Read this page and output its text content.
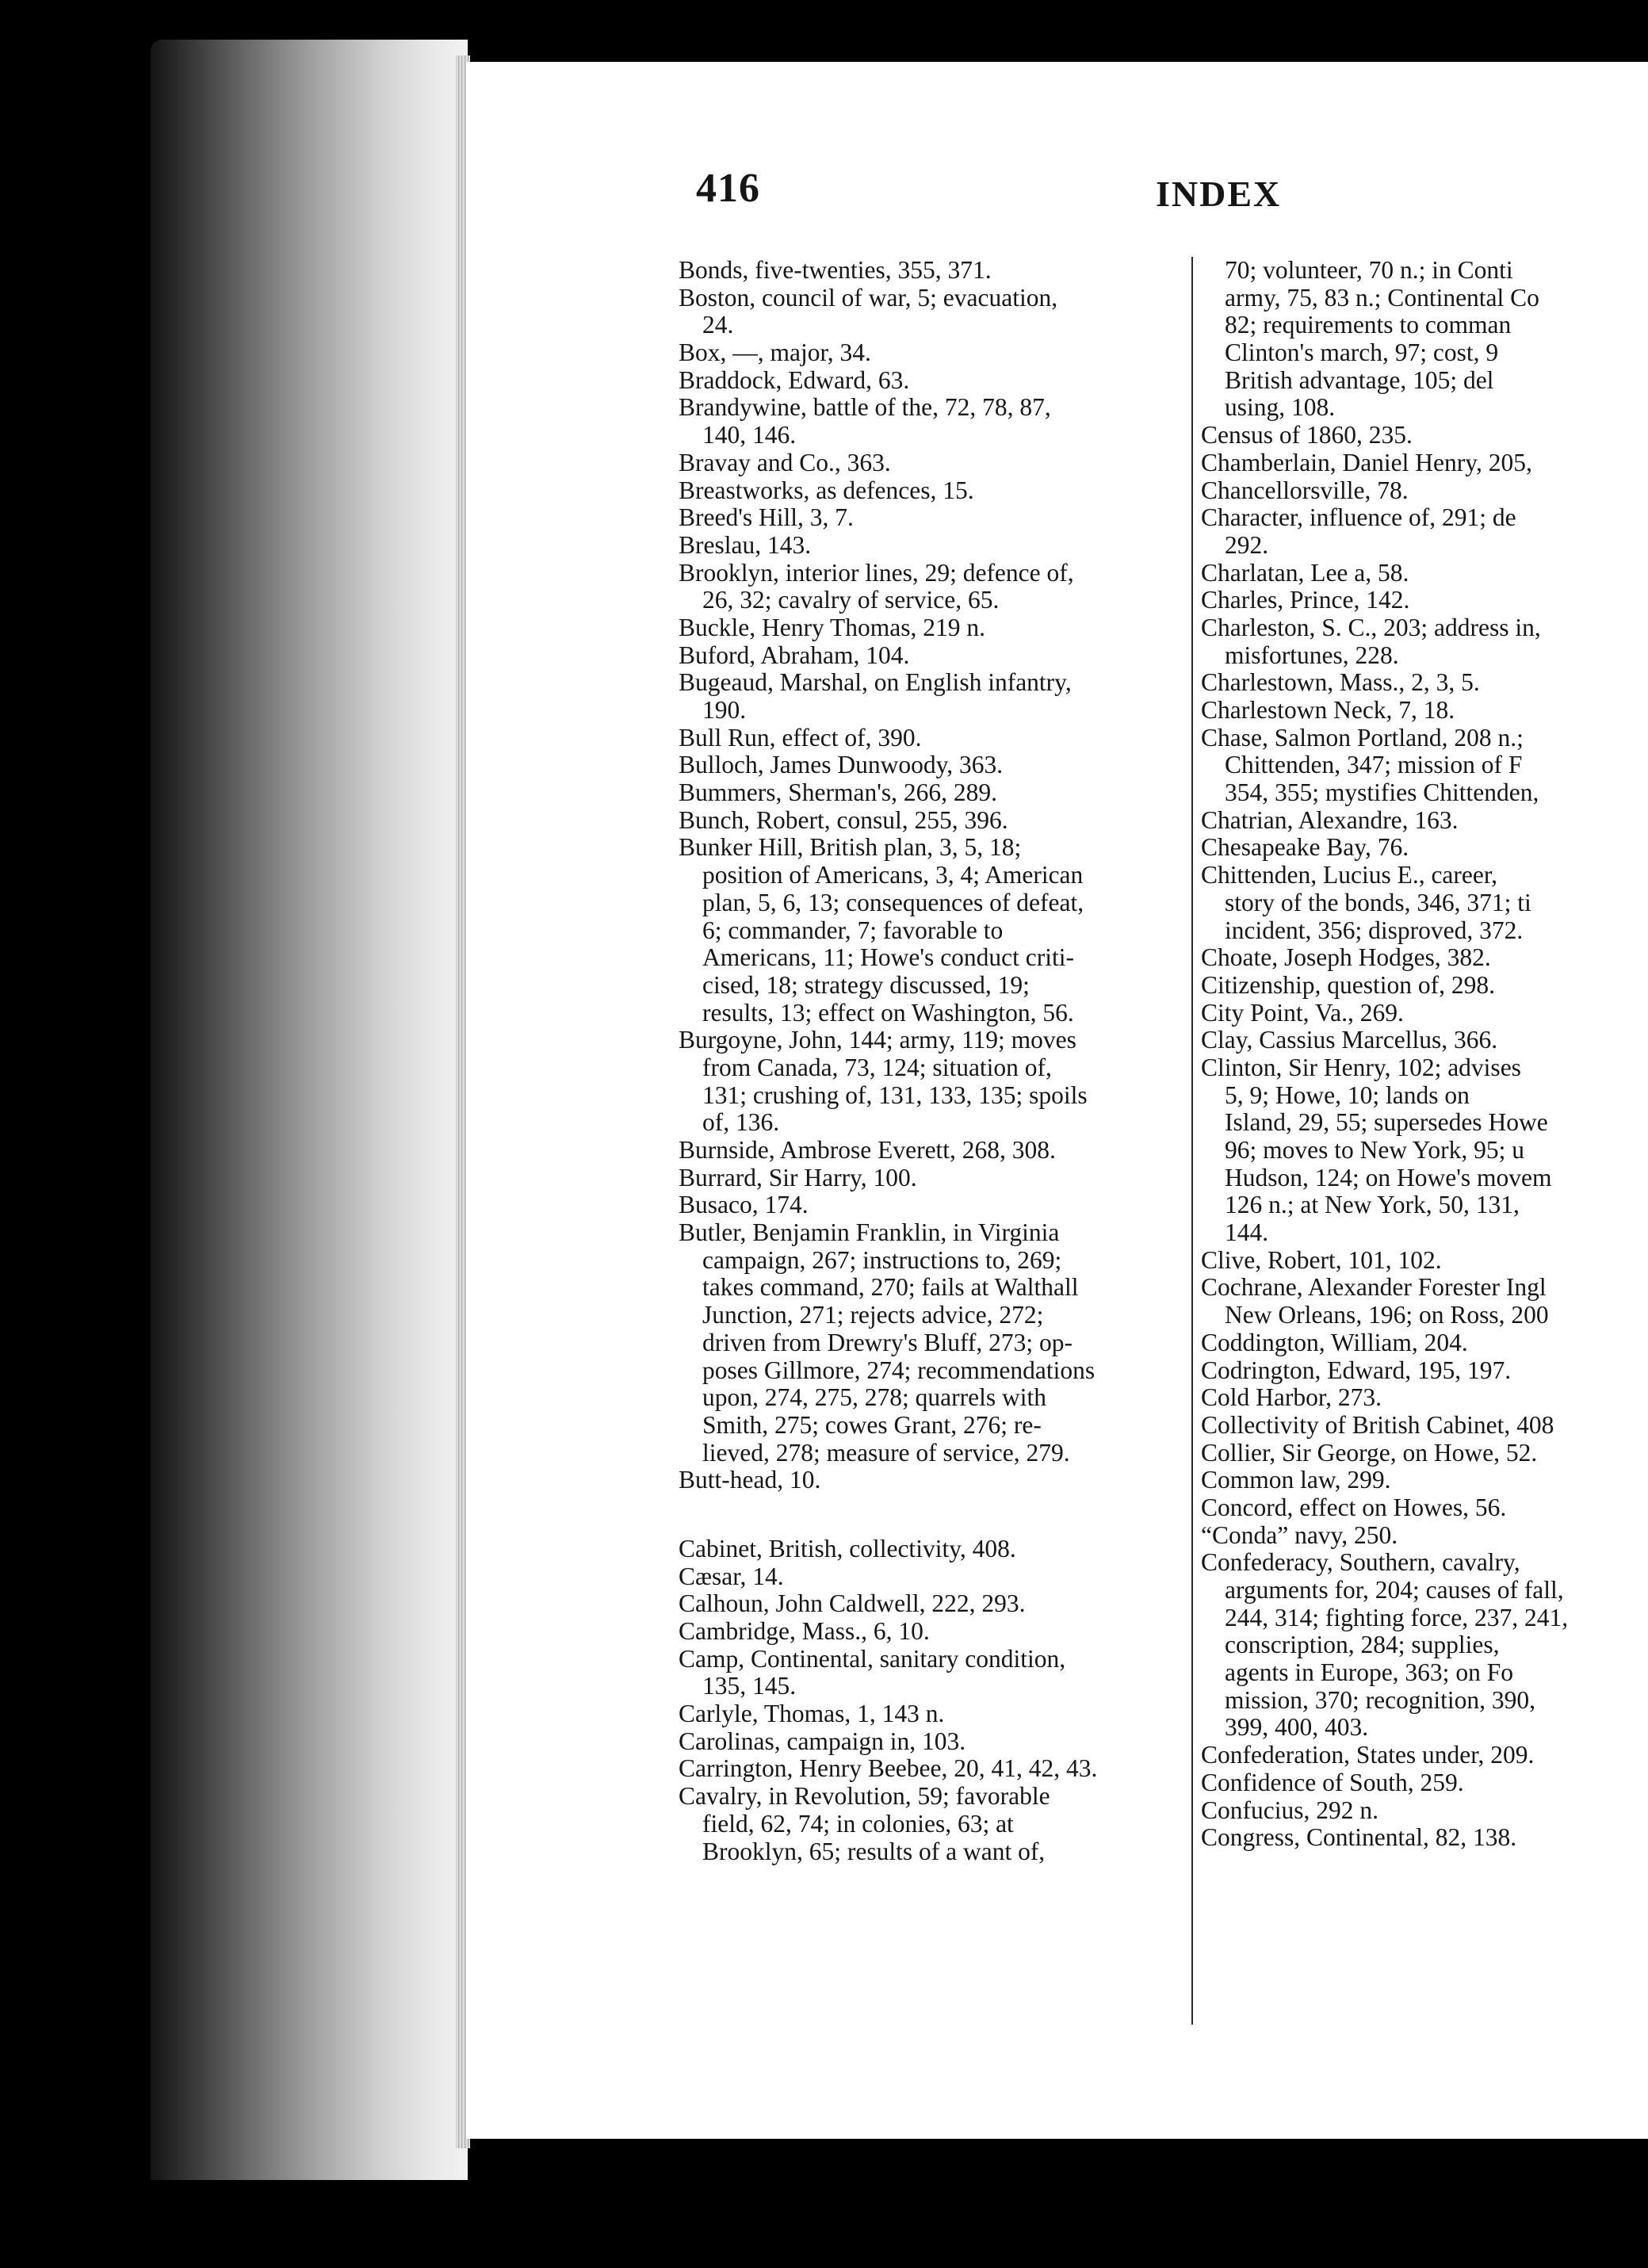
416	INDEX
Bonds, five-twenties, 355, 371.
Boston, council of war, 5; evacuation,
24.
Box, —, major, 34.
Braddock, Edward, 63.
Brandywine, battle of the, 72, 78, 87,
140, 146.
Bravay and Co., 363.
Breastworks, as defences, 15.
Breed's Hill, 3, 7.
Breslau, 143.
Brooklyn, interior lines, 29; defence of,
26, 32; cavalry of service, 65.
Buckle, Henry Thomas, 219 n.
Buford, Abraham, 104.
Bugeaud, Marshal, on English infantry,
190.
Bull Run, effect of, 390.
Bulloch, James Dunwoody, 363.
Bummers, Sherman's, 266, 289.
Bunch, Robert, consul, 255, 396.
Bunker Hill, British plan, 3, 5, 18;
position of Americans, 3, 4; American
plan, 5, 6, 13; consequences of defeat,
6; commander, 7; favorable to
Americans, 11; Howe's conduct criti-
cised, 18; strategy discussed, 19;
results, 13; effect on Washington, 56.
Burgoyne, John, 144; army, 119; moves
from Canada, 73, 124; situation of,
131; crushing of, 131, 133, 135; spoils
of, 136.
Burnside, Ambrose Everett, 268, 308.
Burrard, Sir Harry, 100.
Busaco, 174.
Butler, Benjamin Franklin, in Virginia
campaign, 267; instructions to, 269;
takes command, 270; fails at Walthall
Junction, 271; rejects advice, 272;
driven from Drewry's Bluff, 273; op-
poses Gillmore, 274; recommendations
upon, 274, 275, 278; quarrels with
Smith, 275; cowes Grant, 276; re-
lieved, 278; measure of service, 279.
Butt-head, 10.
Cabinet, British, collectivity, 408.
Cæsar, 14.
Calhoun, John Caldwell, 222, 293.
Cambridge, Mass., 6, 10.
Camp, Continental, sanitary condition,
135, 145.
Carlyle, Thomas, 1, 143 n.
Carolinas, campaign in, 103.
Carrington, Henry Beebee, 20, 41, 42, 43.
Cavalry, in Revolution, 59; favorable
field, 62, 74; in colonies, 63; at
Brooklyn, 65; results of a want of,
70; volunteer, 70 n.; in Conti
army, 75, 83 n.; Continental Co
82; requirements to comman
Clinton's march, 97; cost, 9
British advantage, 105; del
using, 108.
Census of 1860, 235.
Chamberlain, Daniel Henry, 205,
Chancellorsville, 78.
Character, influence of, 291; de
292.
Charlatan, Lee a, 58.
Charles, Prince, 142.
Charleston, S. C., 203; address in,
misfortunes, 228.
Charlestown, Mass., 2, 3, 5.
Charlestown Neck, 7, 18.
Chase, Salmon Portland, 208 n.;
Chittenden, 347; mission of F
354, 355; mystifies Chittenden,
Chatrian, Alexandre, 163.
Chesapeake Bay, 76.
Chittenden, Lucius E., career,
story of the bonds, 346, 371; ti
incident, 356; disproved, 372.
Choate, Joseph Hodges, 382.
Citizenship, question of, 298.
City Point, Va., 269.
Clay, Cassius Marcellus, 366.
Clinton, Sir Henry, 102; advises
5, 9; Howe, 10; lands on
Island, 29, 55; supersedes Howe
96; moves to New York, 95; u
Hudson, 124; on Howe's movem
126 n.; at New York, 50, 131,
144.
Clive, Robert, 101, 102.
Cochrane, Alexander Forester Ingl
New Orleans, 196; on Ross, 200
Coddington, William, 204.
Codrington, Edward, 195, 197.
Cold Harbor, 273.
Collectivity of British Cabinet, 408
Collier, Sir George, on Howe, 52.
Common law, 299.
Concord, effect on Howes, 56.
“Conda” navy, 250.
Confederacy, Southern, cavalry,
arguments for, 204; causes of fall,
244, 314; fighting force, 237, 241,
conscription, 284; supplies,
agents in Europe, 363; on Fo
mission, 370; recognition, 390,
399, 400, 403.
Confederation, States under, 209.
Confidence of South, 259.
Confucius, 292 n.
Congress, Continental, 82, 138.
